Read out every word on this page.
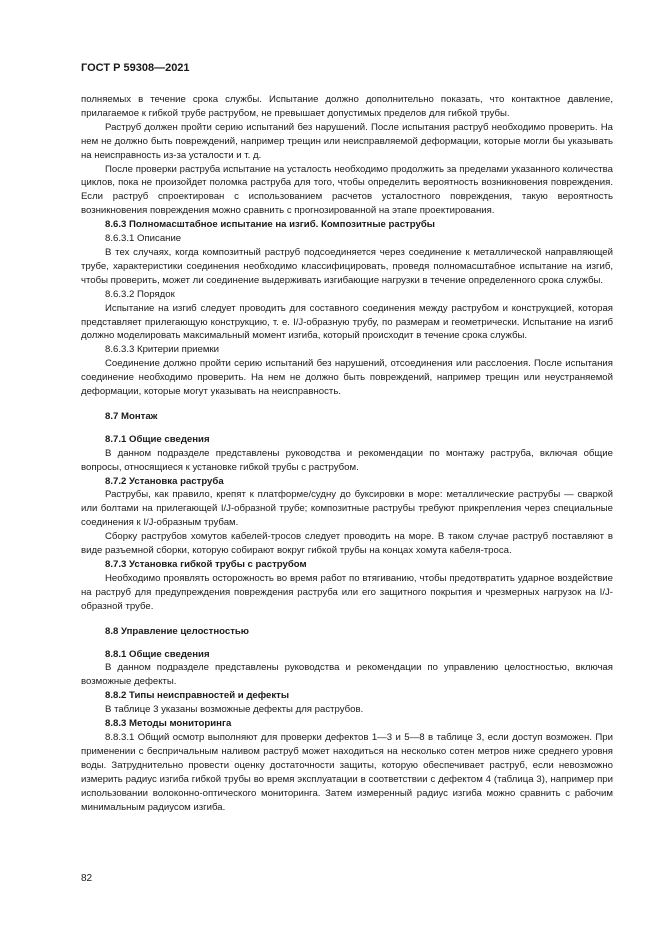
ГОСТ Р 59308—2021

полняемых в течение срока службы. Испытание должно дополнительно показать, что контактное давление, прилагаемое к гибкой трубе раструбом, не превышает допустимых пределов для гибкой трубы.

Раструб должен пройти серию испытаний без нарушений. После испытания раструб необходимо проверить. На нем не должно быть повреждений, например трещин или неисправляемой деформации, которые могли бы указывать на неисправность из-за усталости и т. д.

После проверки раструба испытание на усталость необходимо продолжить за пределами указанного количества циклов, пока не произойдет поломка раструба для того, чтобы определить вероятность возникновения повреждения. Если раструб спроектирован с использованием расчетов усталостного повреждения, такую вероятность возникновения повреждения можно сравнить с прогнозированной на этапе проектирования.

8.6.3 Полномасштабное испытание на изгиб. Композитные раструбы

8.6.3.1 Описание

В тех случаях, когда композитный раструб подсоединяется через соединение к металлической направляющей трубе, характеристики соединения необходимо классифицировать, проведя полномасштабное испытание на изгиб, чтобы проверить, может ли соединение выдерживать изгибающие нагрузки в течение определенного срока службы.

8.6.3.2 Порядок

Испытание на изгиб следует проводить для составного соединения между раструбом и конструкцией, которая представляет прилегающую конструкцию, т. е. I/J-образную трубу, по размерам и геометрически. Испытание на изгиб должно моделировать максимальный момент изгиба, который происходит в течение срока службы.

8.6.3.3 Критерии приемки

Соединение должно пройти серию испытаний без нарушений, отсоединения или расслоения. После испытания соединение необходимо проверить. На нем не должно быть повреждений, например трещин или неустраняемой деформации, которые могут указывать на неисправность.

8.7 Монтаж

8.7.1 Общие сведения

В данном подразделе представлены руководства и рекомендации по монтажу раструба, включая общие вопросы, относящиеся к установке гибкой трубы с раструбом.

8.7.2 Установка раструба

Раструбы, как правило, крепят к платформе/судну до буксировки в море: металлические раструбы — сваркой или болтами на прилегающей I/J-образной трубе; композитные раструбы требуют прикрепления через специальные соединения к I/J-образным трубам.

Сборку раструбов хомутов кабелей-тросов следует проводить на море. В таком случае раструб поставляют в виде разъемной сборки, которую собирают вокруг гибкой трубы на концах хомута кабеля-троса.

8.7.3 Установка гибкой трубы с раструбом

Необходимо проявлять осторожность во время работ по втягиванию, чтобы предотвратить ударное воздействие на раструб для предупреждения повреждения раструба или его защитного покрытия и чрезмерных нагрузок на I/J-образной трубе.

8.8 Управление целостностью

8.8.1 Общие сведения

В данном подразделе представлены руководства и рекомендации по управлению целостностью, включая возможные дефекты.

8.8.2 Типы неисправностей и дефекты

В таблице 3 указаны возможные дефекты для раструбов.

8.8.3 Методы мониторинга

8.8.3.1 Общий осмотр выполняют для проверки дефектов 1—3 и 5—8 в таблице 3, если доступ возможен. При применении с беспричальным наливом раструб может находиться на несколько сотен метров ниже среднего уровня воды. Затруднительно провести оценку достаточности защиты, которую обеспечивает раструб, если невозможно измерить радиус изгиба гибкой трубы во время эксплуатации в соответствии с дефектом 4 (таблица 3), например при использовании волоконно-оптического мониторинга. Затем измеренный радиус изгиба можно сравнить с рабочим минимальным радиусом изгиба.

82
